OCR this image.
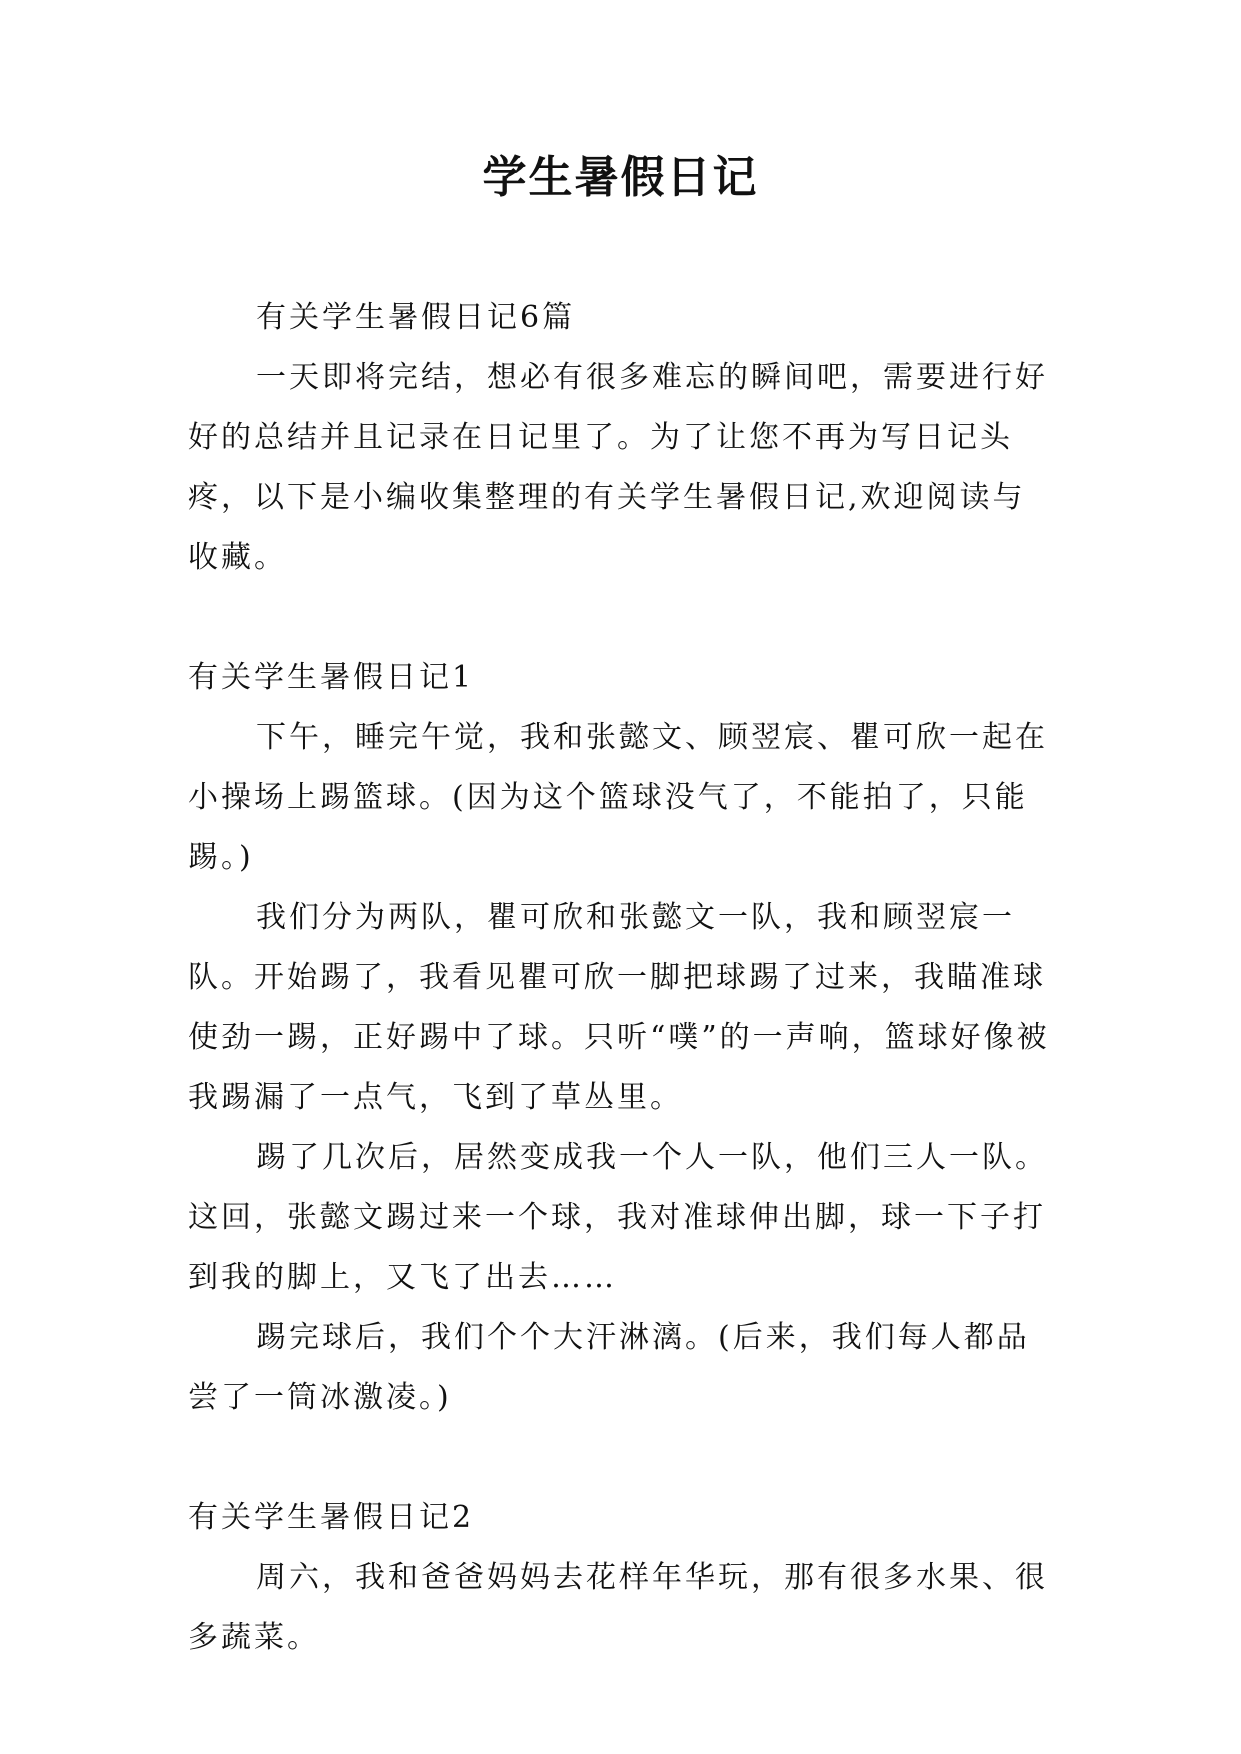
学生暑假日记

有关学生暑假日记6篇

一天即将完结，想必有很多难忘的瞬间吧，需要进行好好的总结并且记录在日记里了。为了让您不再为写日记头疼，以下是小编收集整理的有关学生暑假日记,欢迎阅读与收藏。

有关学生暑假日记1

下午，睡完午觉，我和张懿文、顾翌宸、瞿可欣一起在小操场上踢篮球。(因为这个篮球没气了，不能拍了，只能踢。)

我们分为两队，瞿可欣和张懿文一队，我和顾翌宸一队。开始踢了，我看见瞿可欣一脚把球踢了过来，我瞄准球使劲一踢，正好踢中了球。只听“噗”的一声响，篮球好像被我踢漏了一点气，飞到了草丛里。

踢了几次后，居然变成我一个人一队，他们三人一队。这回，张懿文踢过来一个球，我对准球伸出脚，球一下子打到我的脚上，又飞了出去……

踢完球后，我们个个大汗淋漓。(后来，我们每人都品尝了一筒冰激凌。)

有关学生暑假日记2

周六，我和爸爸妈妈去花样年华玩，那有很多水果、很多蔬菜。
